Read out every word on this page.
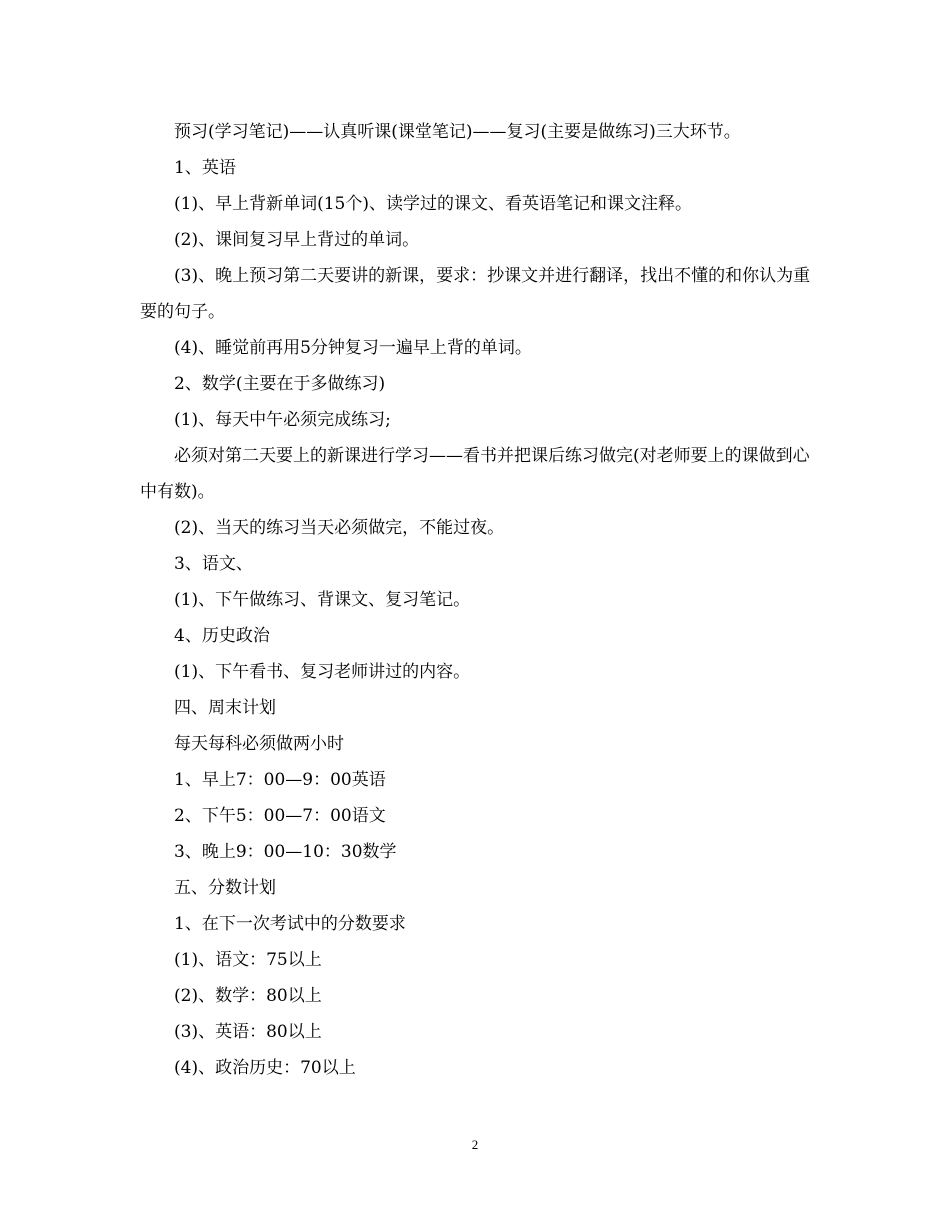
预习(学习笔记)——认真听课(课堂笔记)——复习(主要是做练习)三大环节。

1、英语

(1)、早上背新单词(15个)、读学过的课文、看英语笔记和课文注释。

(2)、课间复习早上背过的单词。

(3)、晚上预习第二天要讲的新课，要求：抄课文并进行翻译，找出不懂的和你认为重要的句子。

(4)、睡觉前再用5分钟复习一遍早上背的单词。

2、数学(主要在于多做练习)

(1)、每天中午必须完成练习;

必须对第二天要上的新课进行学习——看书并把课后练习做完(对老师要上的课做到心中有数)。

(2)、当天的练习当天必须做完，不能过夜。

3、语文、

(1)、下午做练习、背课文、复习笔记。

4、历史政治

(1)、下午看书、复习老师讲过的内容。

四、周末计划

每天每科必须做两小时

1、早上7：00—9：00英语

2、下午5：00—7：00语文

3、晚上9：00—10：30数学

五、分数计划

1、在下一次考试中的分数要求

(1)、语文：75以上

(2)、数学：80以上

(3)、英语：80以上

(4)、政治历史：70以上

2
